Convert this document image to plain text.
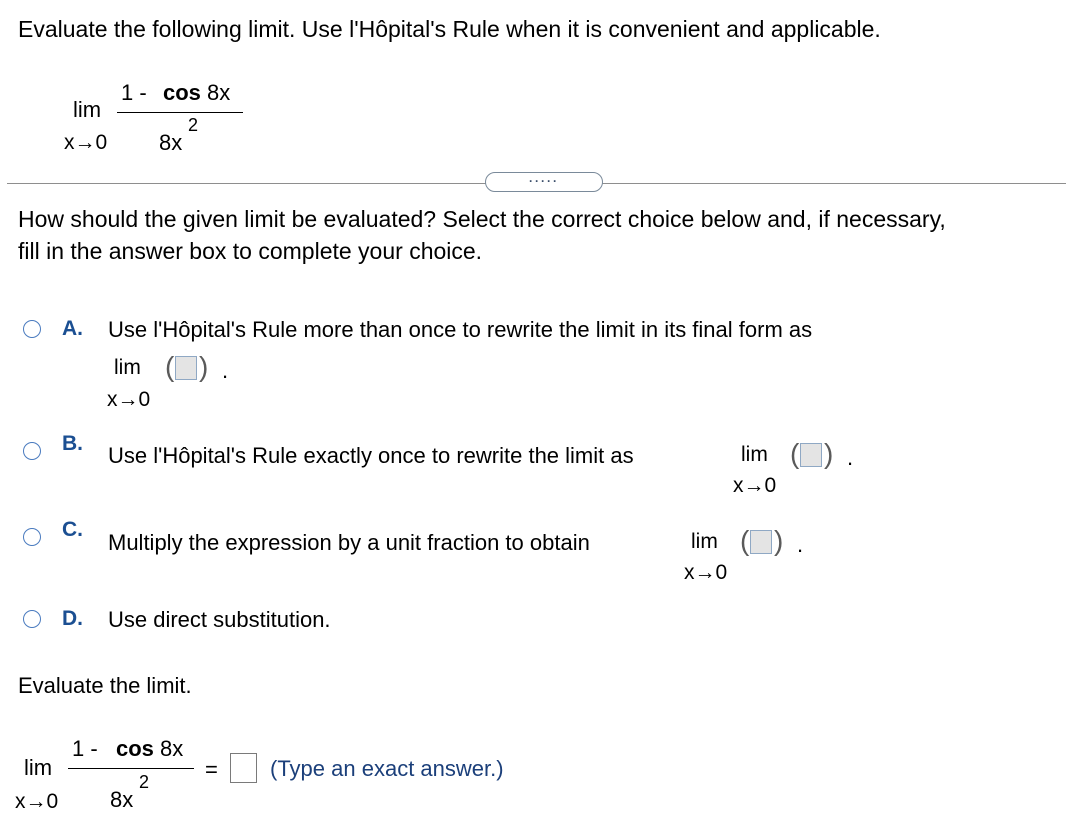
Evaluate the following limit. Use l'Hôpital's Rule when it is convenient and applicable.
lim
x→0
1 - cos 8x
8x
2
·····
How should the given limit be evaluated? Select the correct choice below and, if necessary,
fill in the answer box to complete your choice.
A. Use l'Hôpital's Rule more than once to rewrite the limit in its final form as
lim
x→0
( ) .
B. Use l'Hôpital's Rule exactly once to rewrite the limit as	lim
x→0
( ) .
C.
Multiply the expression by a unit fraction to obtain	lim
x→0
( ) .
D. Use direct substitution.
Evaluate the limit.
lim
x→0
1 - cos 8x
8x
2	= (Type an exact answer.)
